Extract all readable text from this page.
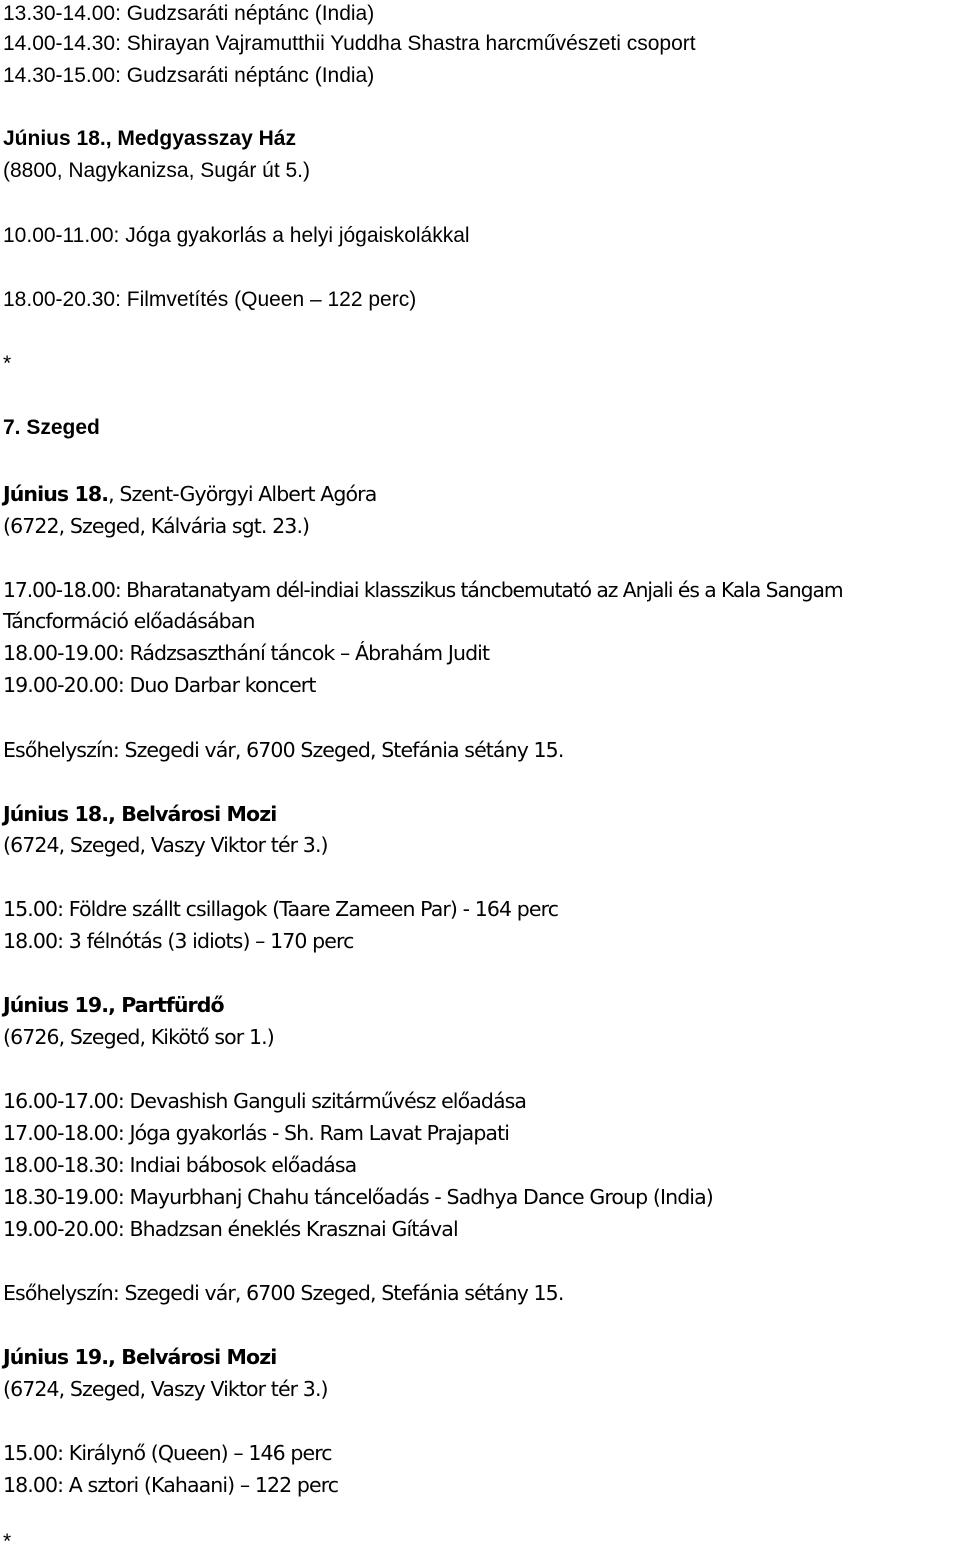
13.30-14.00: Gudzsaráti néptánc (India)
14.00-14.30: Shirayan Vajramutthii Yuddha Shastra harcművészeti csoport
14.30-15.00: Gudzsaráti néptánc (India)
Június 18., Medgyasszay Ház
(8800, Nagykanizsa, Sugár út 5.)
10.00-11.00: Jóga gyakorlás a helyi jógaiskolákkal
18.00-20.30: Filmvetítés (Queen – 122 perc)
*
7. Szeged
Június 18., Szent-Györgyi Albert Agóra
(6722, Szeged, Kálvária sgt. 23.)
17.00-18.00: Bharatanatyam dél-indiai klasszikus táncbemutató az Anjali és a Kala Sangam
Táncformáció előadásában
18.00-19.00: Rádzsaszthání táncok – Ábrahám Judit
19.00-20.00: Duo Darbar koncert
Esőhelyszín: Szegedi vár, 6700 Szeged, Stefánia sétány 15.
Június 18., Belvárosi Mozi
(6724, Szeged, Vaszy Viktor tér 3.)
15.00: Földre szállt csillagok (Taare Zameen Par) - 164 perc
18.00: 3 félnótás (3 idiots) – 170 perc
Június 19., Partfürdő
(6726, Szeged, Kikötő sor 1.)
16.00-17.00: Devashish Ganguli szitárművész előadása
17.00-18.00: Jóga gyakorlás - Sh. Ram Lavat Prajapati
18.00-18.30: Indiai bábosok előadása
18.30-19.00: Mayurbhanj Chahu táncelőadás - Sadhya Dance Group (India)
19.00-20.00: Bhadzsan éneklés Krasznai Gítával
Esőhelyszín: Szegedi vár, 6700 Szeged, Stefánia sétány 15.
Június 19., Belvárosi Mozi
(6724, Szeged, Vaszy Viktor tér 3.)
15.00: Királynő (Queen) – 146 perc
18.00: A sztori (Kahaani) – 122 perc
*
